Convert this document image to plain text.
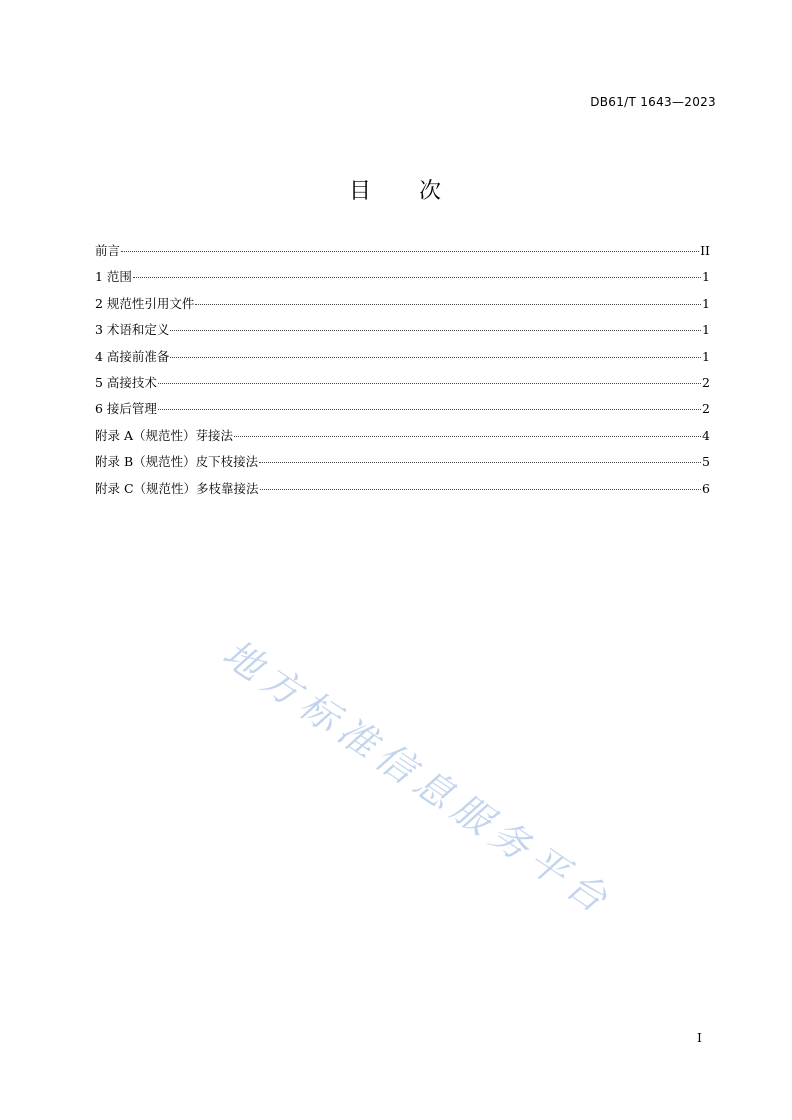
DB61/T 1643—2023
目 次
前言	II
1 范围	1
2 规范性引用文件	1
3 术语和定义	1
4 高接前准备	1
5 高接技术	2
6 接后管理	2
附录 A（规范性）芽接法	4
附录 B（规范性）皮下枝接法	5
附录 C（规范性）多枝靠接法	6
地方标准信息服务平台
I
